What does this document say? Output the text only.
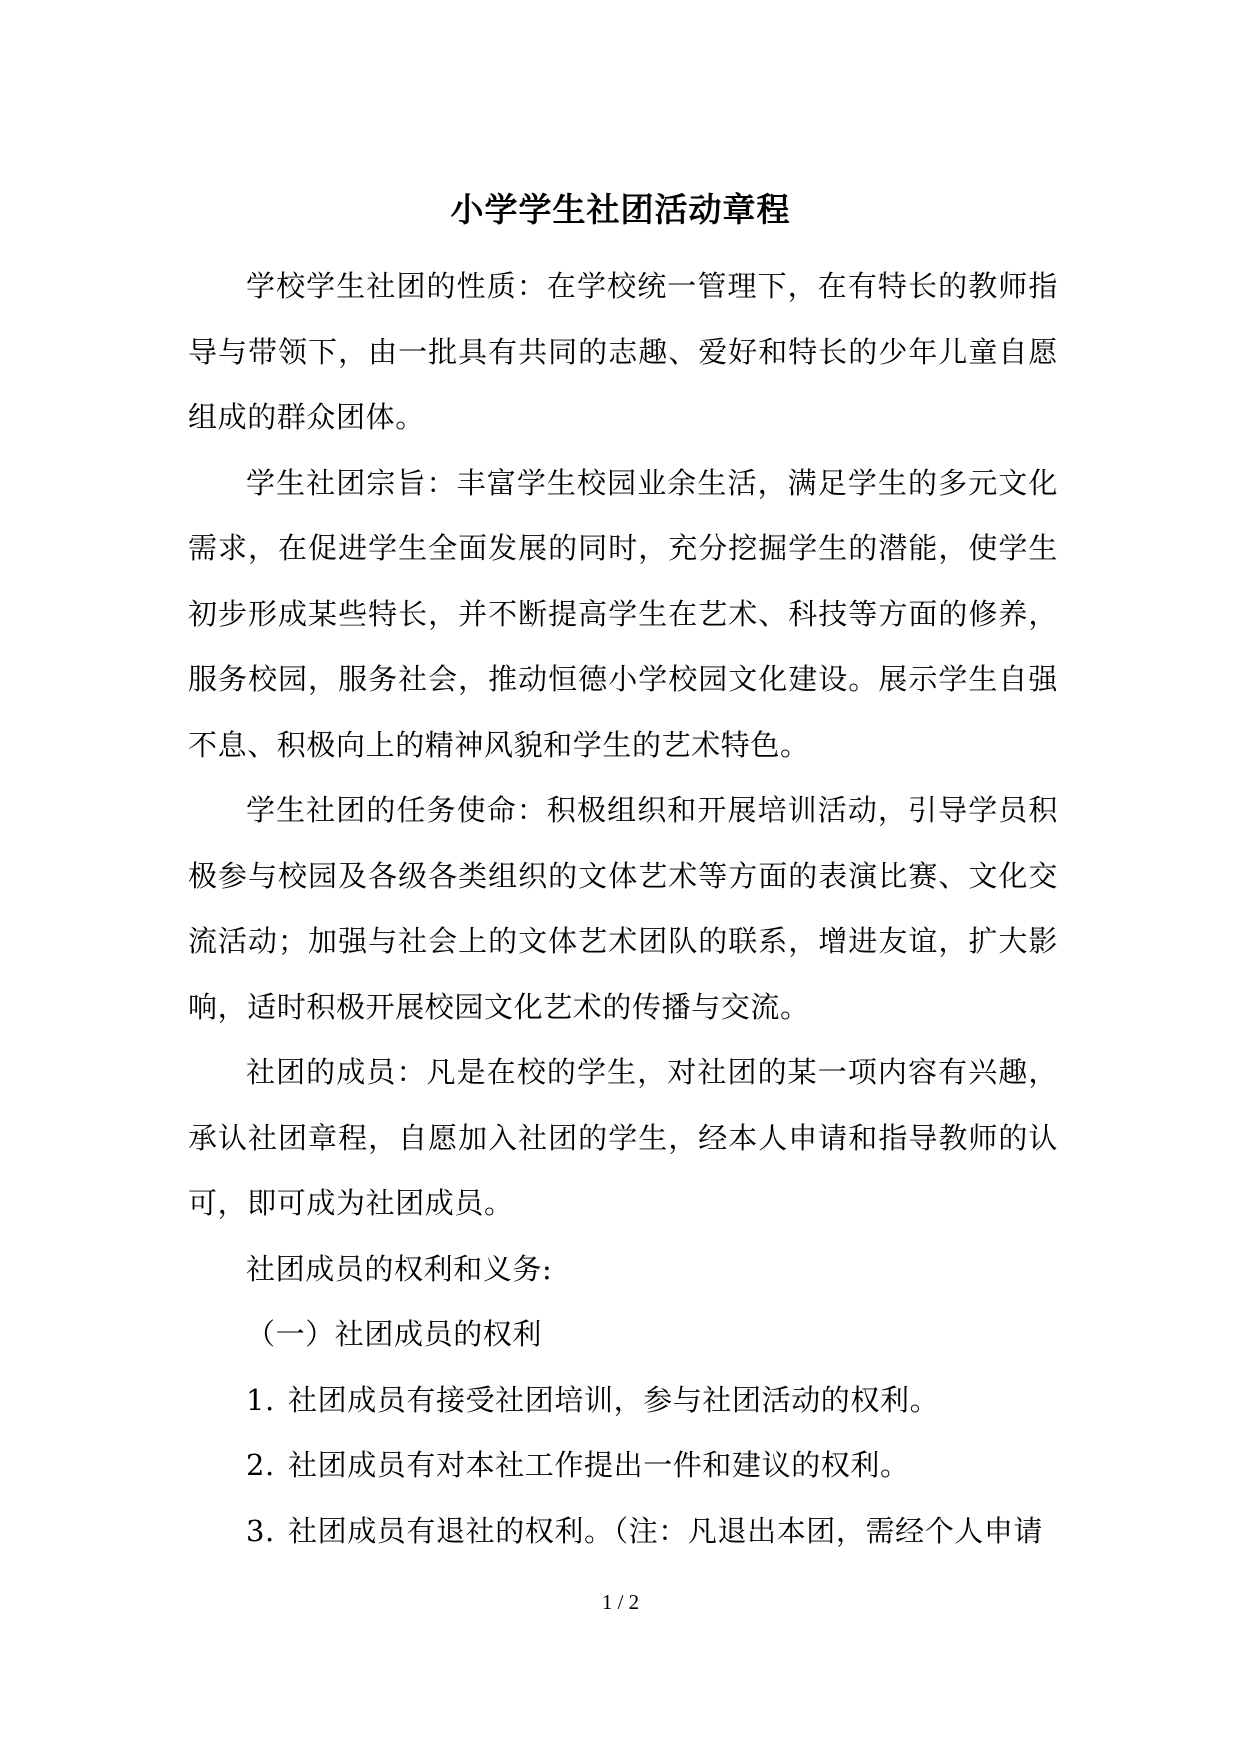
小学学生社团活动章程

学校学生社团的性质：在学校统一管理下，在有特长的教师指导与带领下，由一批具有共同的志趣、爱好和特长的少年儿童自愿组成的群众团体。

学生社团宗旨：丰富学生校园业余生活，满足学生的多元文化需求，在促进学生全面发展的同时，充分挖掘学生的潜能，使学生初步形成某些特长，并不断提高学生在艺术、科技等方面的修养，服务校园，服务社会，推动恒德小学校园文化建设。展示学生自强不息、积极向上的精神风貌和学生的艺术特色。

学生社团的任务使命：积极组织和开展培训活动，引导学员积极参与校园及各级各类组织的文体艺术等方面的表演比赛、文化交流活动；加强与社会上的文体艺术团队的联系，增进友谊，扩大影响，适时积极开展校园文化艺术的传播与交流。

社团的成员：凡是在校的学生，对社团的某一项内容有兴趣，承认社团章程，自愿加入社团的学生，经本人申请和指导教师的认可，即可成为社团成员。

社团成员的权利和义务:

（一）社团成员的权利

1. 社团成员有接受社团培训，参与社团活动的权利。

2. 社团成员有对本社工作提出一件和建议的权利。

3. 社团成员有退社的权利。（注：凡退出本团，需经个人申请

1 / 2
